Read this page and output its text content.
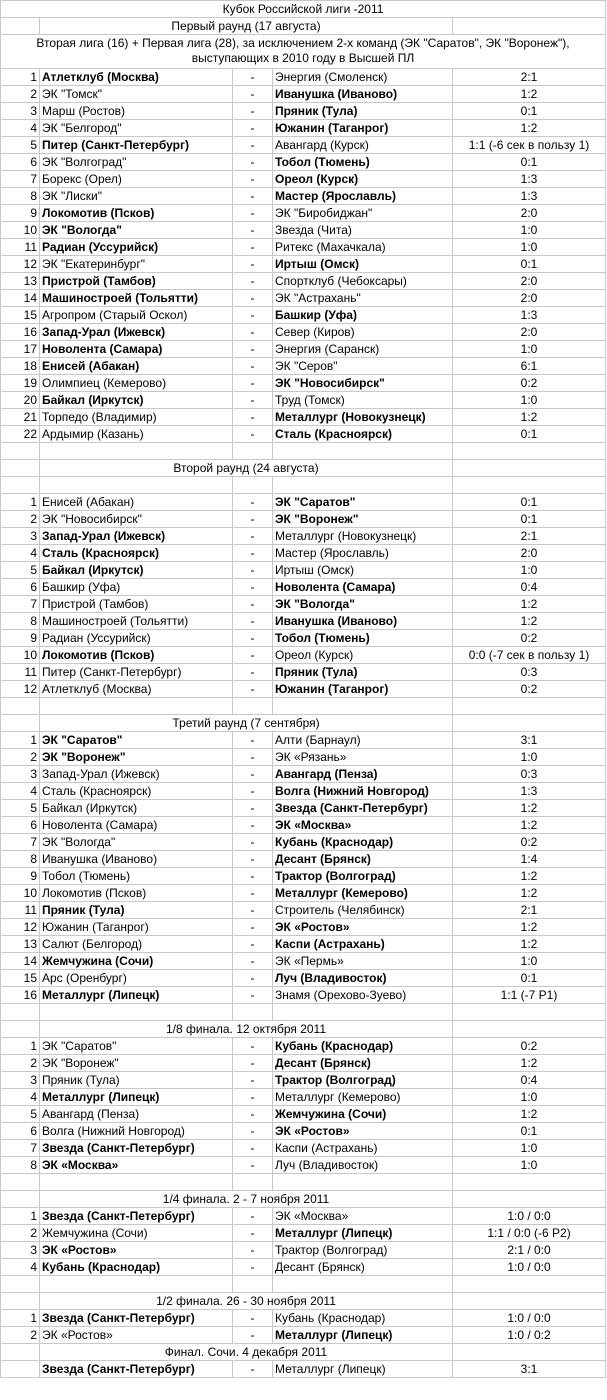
Кубок Российской лиги -2011
Первый раунд (17 августа)
Вторая лига (16) + Первая лига (28), за исключением 2-х команд (ЭК "Саратов", ЭК "Воронеж"), выступающих в 2010 году в Высшей ПЛ
1 Атлетклуб (Москва)	-	Энергия (Смоленск)	2:1
2 ЭК "Томск"	-	Иванушка (Иваново)	1:2
3 Марш (Ростов)	-	Пряник (Тула)	0:1
4 ЭК "Белгород"	-	Южанин (Таганрог)	1:2
5 Питер (Санкт-Петербург)	-	Авангард (Курск)	1:1 (-6 сек в пользу 1)
6 ЭК "Волгоград"	-	Тобол (Тюмень)	0:1
7 Борекс (Орел)	-	Ореол (Курск)	1:3
8 ЭК "Лиски"	-	Мастер (Ярославль)	1:3
9 Локомотив (Псков)	-	ЭК "Биробиджан"	2:0
10 ЭК "Вологда"	-	Звезда (Чита)	1:0
11 Радиан (Уссурийск)	-	Ритекс (Махачкала)	1:0
12 ЭК "Екатеринбург"	-	Иртыш (Омск)	0:1
13 Пристрой (Тамбов)	-	Спортклуб (Чебоксары)	2:0
14 Машиностроей (Тольятти)	-	ЭК "Астрахань"	2:0
15 Агропром (Старый Оскол)	-	Башкир (Уфа)	1:3
16 Запад-Урал (Ижевск)	-	Север (Киров)	2:0
17 Новолента (Самара)	-	Энергия (Саранск)	1:0
18 Енисей (Абакан)	-	ЭК "Серов"	6:1
19 Олимпиец (Кемерово)	-	ЭК "Новосибирск"	0:2
20 Байкал (Иркутск)	-	Труд (Томск)	1:0
21 Торпедо (Владимир)	-	Металлург (Новокузнецк)	1:2
22 Ардымир (Казань)	-	Сталь (Красноярск)	0:1
Второй раунд (24 августа)
1 Енисей (Абакан)	-	ЭК "Саратов"	0:1
2 ЭК "Новосибирск"	-	ЭК "Воронеж"	0:1
3 Запад-Урал (Ижевск)	-	Металлург (Новокузнецк)	2:1
4 Сталь (Красноярск)	-	Мастер (Ярославль)	2:0
5 Байкал (Иркутск)	-	Иртыш (Омск)	1:0
6 Башкир (Уфа)	-	Новолента (Самара)	0:4
7 Пристрой (Тамбов)	-	ЭК "Вологда"	1:2
8 Машиностроей (Тольятти)	-	Иванушка (Иваново)	1:2
9 Радиан (Уссурийск)	-	Тобол (Тюмень)	0:2
10 Локомотив (Псков)	-	Ореол (Курск)	0:0 (-7 сек в пользу 1)
11 Питер (Санкт-Петербург)	-	Пряник (Тула)	0:3
12 Атлетклуб (Москва)	-	Южанин (Таганрог)	0:2
Третий раунд (7 сентября)
1 ЭК "Саратов"	-	Алти (Барнаул)	3:1
2 ЭК "Воронеж"	-	ЭК «Рязань»	1:0
3 Запад-Урал (Ижевск)	-	Авангард (Пенза)	0:3
4 Сталь (Красноярск)	-	Волга (Нижний Новгород)	1:3
5 Байкал (Иркутск)	-	Звезда (Санкт-Петербург)	1:2
6 Новолента (Самара)	-	ЭК «Москва»	1:2
7 ЭК "Вологда"	-	Кубань (Краснодар)	0:2
8 Иванушка (Иваново)	-	Десант (Брянск)	1:4
9 Тобол (Тюмень)	-	Трактор (Волгоград)	1:2
10 Локомотив (Псков)	-	Металлург (Кемерово)	1:2
11 Пряник (Тула)	-	Строитель (Челябинск)	2:1
12 Южанин (Таганрог)	-	ЭК «Ростов»	1:2
13 Салют (Белгород)	-	Каспи (Астрахань)	1:2
14 Жемчужина (Сочи)	-	ЭК «Пермь»	1:0
15 Арс (Оренбург)	-	Луч (Владивосток)	0:1
16 Металлург (Липецк)	-	Знамя (Орехово-Зуево)	1:1 (-7 Р1)
1/8 финала. 12 октября 2011
1 ЭК "Саратов"	-	Кубань (Краснодар)	0:2
2 ЭК "Воронеж"	-	Десант (Брянск)	1:2
3 Пряник (Тула)	-	Трактор (Волгоград)	0:4
4 Металлург (Липецк)	-	Металлург (Кемерово)	1:0
5 Авангард (Пенза)	-	Жемчужина (Сочи)	1:2
6 Волга (Нижний Новгород)	-	ЭК «Ростов»	0:1
7 Звезда (Санкт-Петербург)	-	Каспи (Астрахань)	1:0
8 ЭК «Москва»	-	Луч (Владивосток)	1:0
1/4 финала. 2 - 7 ноября 2011
1 Звезда (Санкт-Петербург)	-	ЭК «Москва»	1:0 / 0:0
2 Жемчужина (Сочи)	-	Металлург (Липецк)	1:1 / 0:0 (-6 Р2)
3 ЭК «Ростов»	-	Трактор (Волгоград)	2:1 / 0:0
4 Кубань (Краснодар)	-	Десант (Брянск)	1:0 / 0:0
1/2 финала. 26 - 30 ноября 2011
1 Звезда (Санкт-Петербург)	-	Кубань (Краснодар)	1:0 / 0:0
2 ЭК «Ростов»	-	Металлург (Липецк)	1:0 / 0:2
Финал. Сочи. 4 декабря 2011
Звезда (Санкт-Петербург)	-	Металлург (Липецк)	3:1
